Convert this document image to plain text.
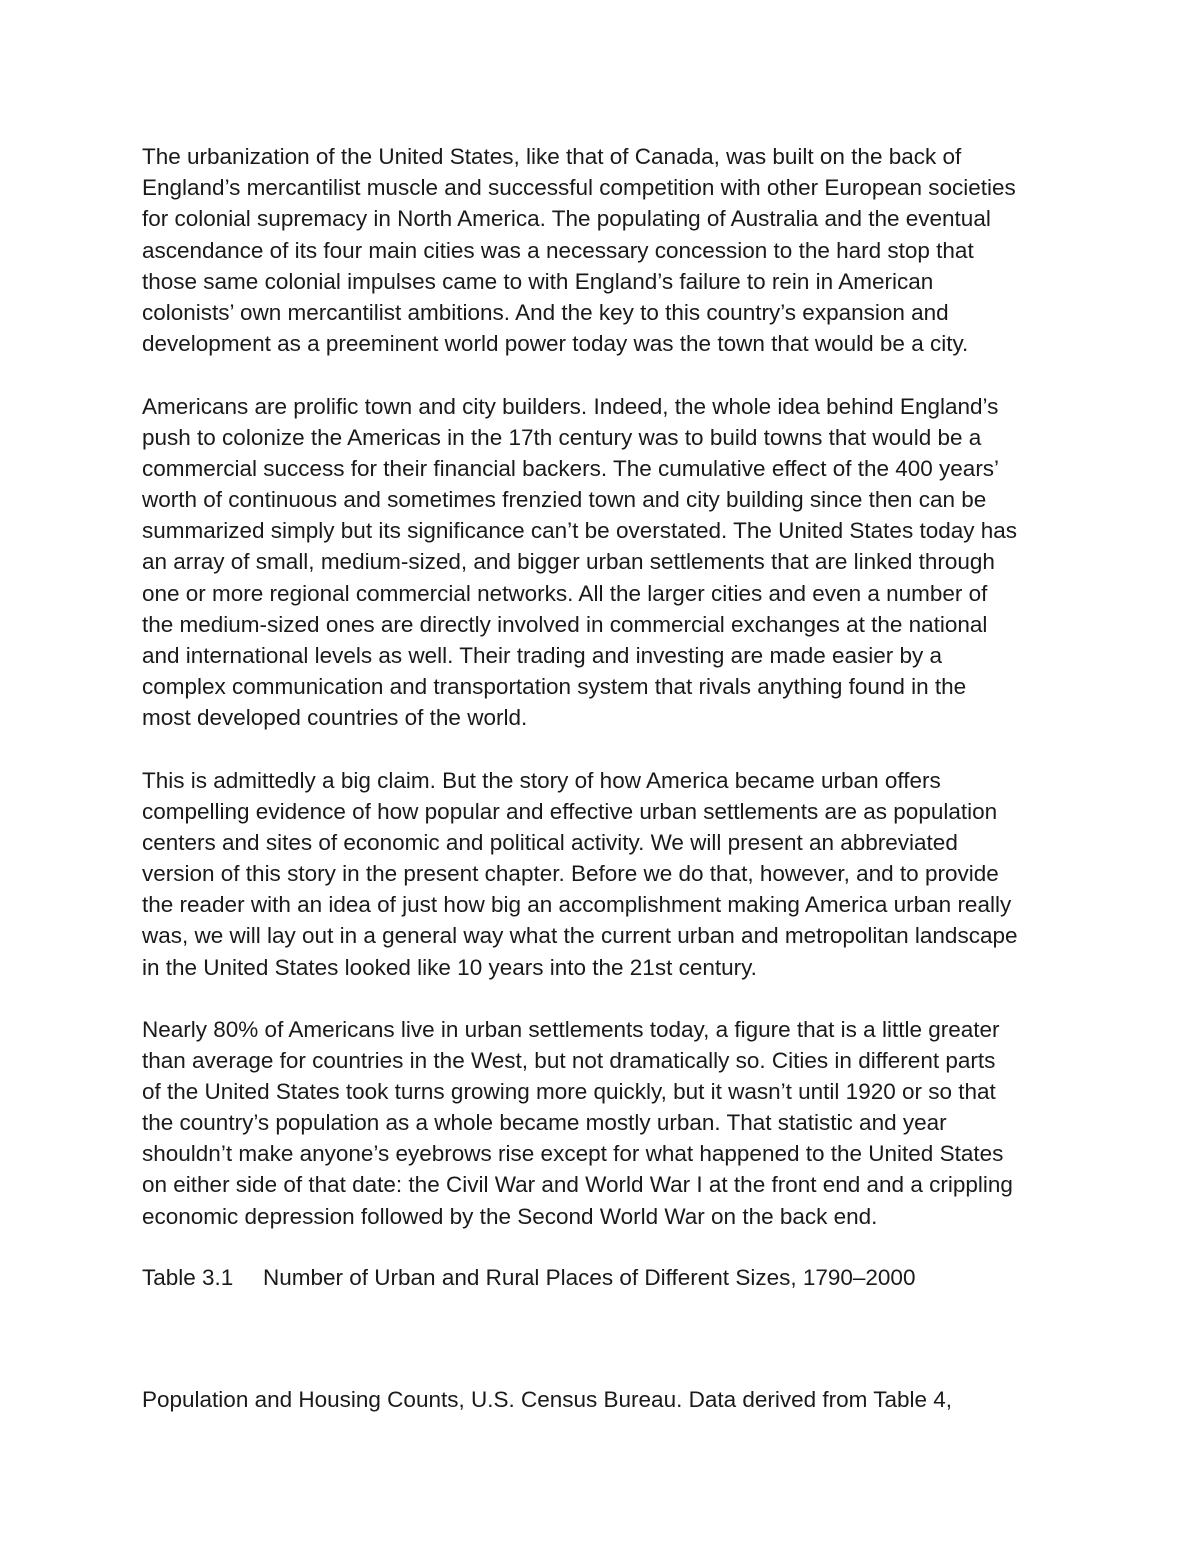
The urbanization of the United States, like that of Canada, was built on the back of
England’s mercantilist muscle and successful competition with other European societies
for colonial supremacy in North America. The populating of Australia and the eventual
ascendance of its four main cities was a necessary concession to the hard stop that
those same colonial impulses came to with England’s failure to rein in American
colonists’ own mercantilist ambitions. And the key to this country’s expansion and
development as a preeminent world power today was the town that would be a city.
Americans are prolific town and city builders. Indeed, the whole idea behind England’s
push to colonize the Americas in the 17th century was to build towns that would be a
commercial success for their financial backers. The cumulative effect of the 400 years’
worth of continuous and sometimes frenzied town and city building since then can be
summarized simply but its significance can’t be overstated. The United States today has
an array of small, medium-sized, and bigger urban settlements that are linked through
one or more regional commercial networks. All the larger cities and even a number of
the medium-sized ones are directly involved in commercial exchanges at the national
and international levels as well. Their trading and investing are made easier by a
complex communication and transportation system that rivals anything found in the
most developed countries of the world.
This is admittedly a big claim. But the story of how America became urban offers
compelling evidence of how popular and effective urban settlements are as population
centers and sites of economic and political activity. We will present an abbreviated
version of this story in the present chapter. Before we do that, however, and to provide
the reader with an idea of just how big an accomplishment making America urban really
was, we will lay out in a general way what the current urban and metropolitan landscape
in the United States looked like 10 years into the 21st century.
Nearly 80% of Americans live in urban settlements today, a figure that is a little greater
than average for countries in the West, but not dramatically so. Cities in different parts
of the United States took turns growing more quickly, but it wasn’t until 1920 or so that
the country’s population as a whole became mostly urban. That statistic and year
shouldn’t make anyone’s eyebrows rise except for what happened to the United States
on either side of that date: the Civil War and World War I at the front end and a crippling
economic depression followed by the Second World War on the back end.
Table 3.1 Number of Urban and Rural Places of Different Sizes, 1790–2000
Population and Housing Counts, U.S. Census Bureau. Data derived from Table 4,
